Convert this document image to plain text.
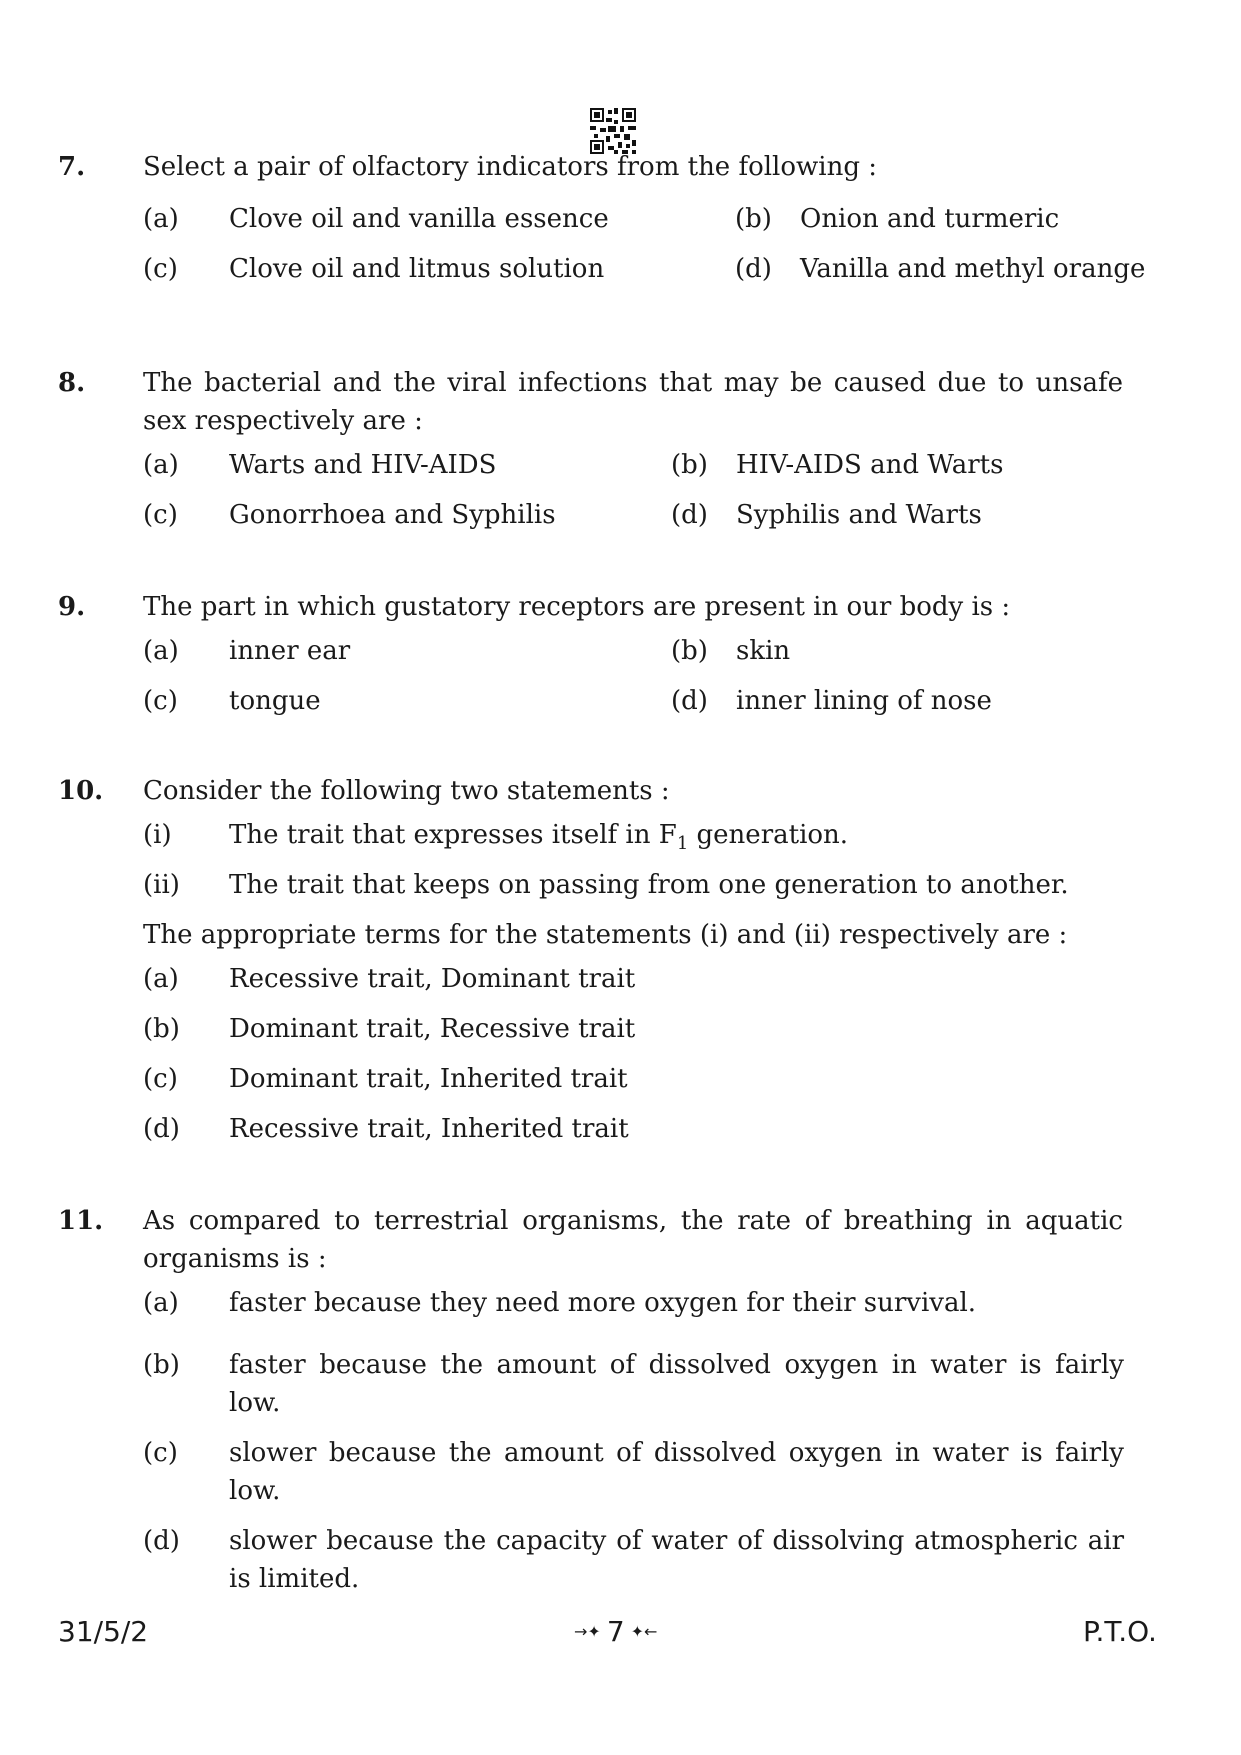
7. Select a pair of olfactory indicators from the following :
(a) Clove oil and vanilla essence	(b) Onion and turmeric
(c) Clove oil and litmus solution	(d) Vanilla and methyl orange
8. The bacterial and the viral infections that may be caused due to unsafe sex respectively are :
(a) Warts and HIV-AIDS	(b) HIV-AIDS and Warts
(c) Gonorrhoea and Syphilis	(d) Syphilis and Warts
9. The part in which gustatory receptors are present in our body is :
(a) inner ear	(b) skin
(c) tongue	(d) inner lining of nose
10. Consider the following two statements :
(i) The trait that expresses itself in $F_1$ generation.
(ii) The trait that keeps on passing from one generation to another.
The appropriate terms for the statements (i) and (ii) respectively are :
(a) Recessive trait, Dominant trait
(b) Dominant trait, Recessive trait
(c) Dominant trait, Inherited trait
(d) Recessive trait, Inherited trait
11. As compared to terrestrial organisms, the rate of breathing in aquatic organisms is :
(a) faster because they need more oxygen for their survival.
(b) faster because the amount of dissolved oxygen in water is fairly low.
(c) slower because the amount of dissolved oxygen in water is fairly low.
(d) slower because the capacity of water of dissolving atmospheric air is limited.
31/5/2	→✦ 7 ✦←	P.T.O.
